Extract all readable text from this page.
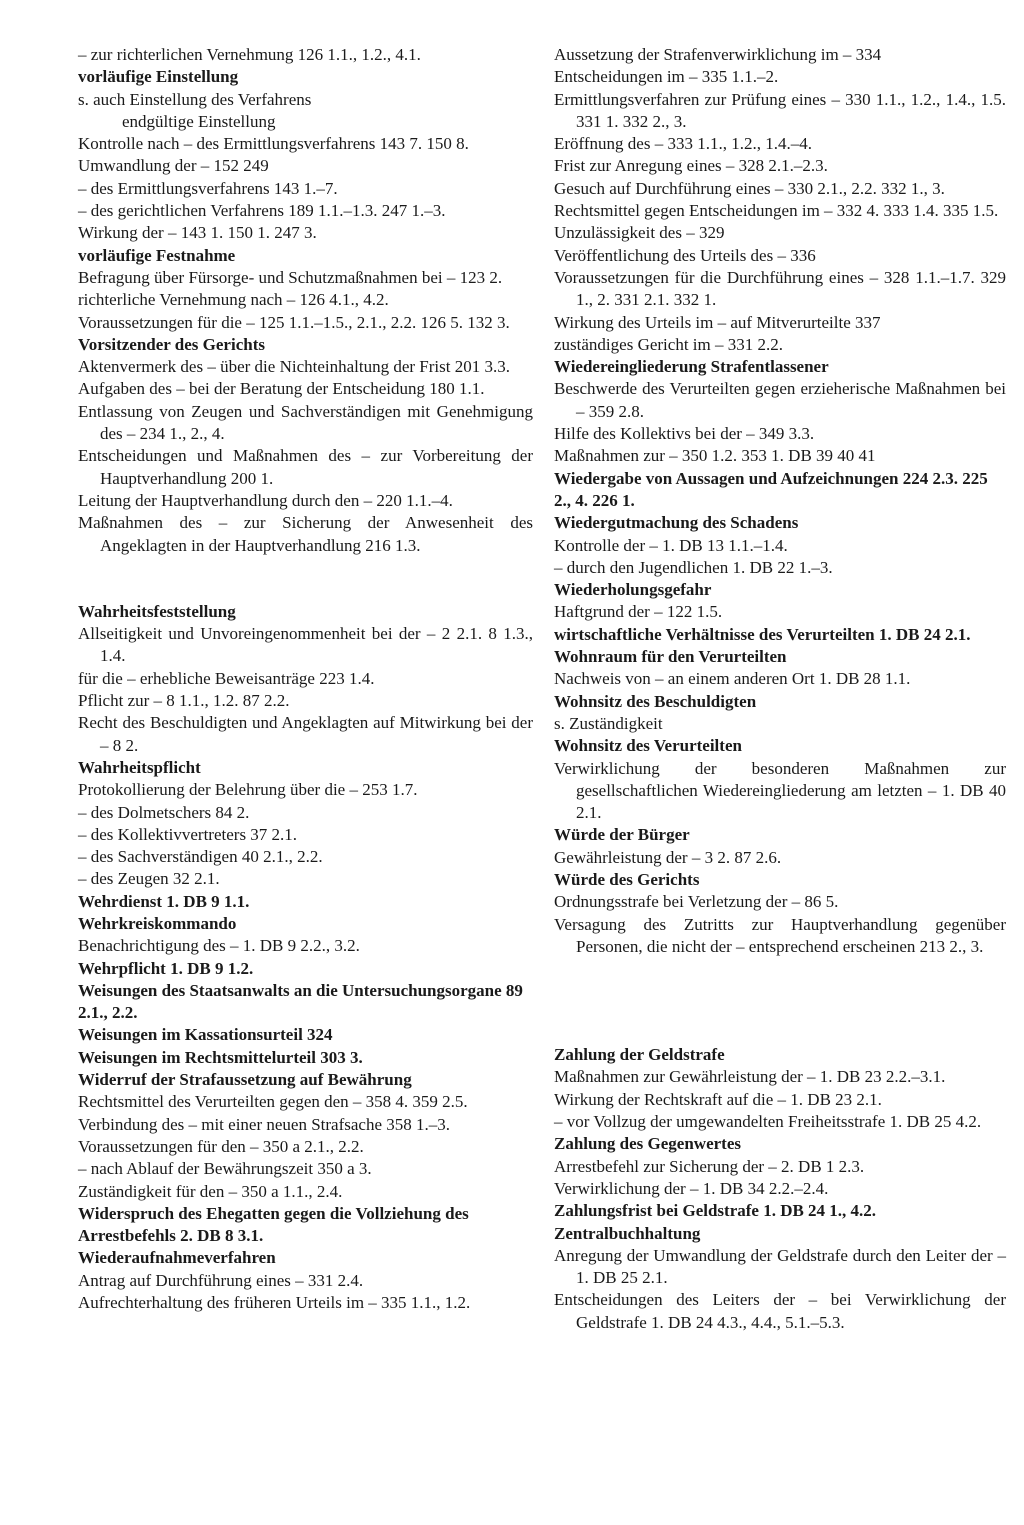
– zur richterlichen Vernehmung 126 1.1., 1.2., 4.1.
vorläufige Einstellung
s. auch Einstellung des Verfahrens
endgültige Einstellung
Kontrolle nach – des Ermittlungsverfahrens 143 7. 150 8.
Umwandlung der – 152 249
– des Ermittlungsverfahrens 143 1.–7.
– des gerichtlichen Verfahrens 189 1.1.–1.3. 247 1.–3.
Wirkung der – 143 1. 150 1. 247 3.
vorläufige Festnahme
Befragung über Fürsorge- und Schutzmaßnahmen bei – 123 2.
richterliche Vernehmung nach – 126 4.1., 4.2.
Voraussetzungen für die – 125 1.1.–1.5., 2.1., 2.2. 126 5. 132 3.
Vorsitzender des Gerichts
Aktenvermerk des – über die Nichteinhaltung der Frist 201 3.3.
Aufgaben des – bei der Beratung der Entscheidung 180 1.1.
Entlassung von Zeugen und Sachverständigen mit Genehmigung des – 234 1., 2., 4.
Entscheidungen und Maßnahmen des – zur Vorbereitung der Hauptverhandlung 200 1.
Leitung der Hauptverhandlung durch den – 220 1.1.–4.
Maßnahmen des – zur Sicherung der Anwesenheit des Angeklagten in der Hauptverhandlung 216 1.3.
Wahrheitsfeststellung
Allseitigkeit und Unvoreingenommenheit bei der – 2 2.1. 8 1.3., 1.4.
für die – erhebliche Beweisanträge 223 1.4.
Pflicht zur – 8 1.1., 1.2. 87 2.2.
Recht des Beschuldigten und Angeklagten auf Mitwirkung bei der – 8 2.
Wahrheitspflicht
Protokollierung der Belehrung über die – 253 1.7.
– des Dolmetschers 84 2.
– des Kollektivvertreters 37 2.1.
– des Sachverständigen 40 2.1., 2.2.
– des Zeugen 32 2.1.
Wehrdienst 1. DB 9 1.1.
Wehrkreiskommando
Benachrichtigung des – 1. DB 9 2.2., 3.2.
Wehrpflicht 1. DB 9 1.2.
Weisungen des Staatsanwalts an die Untersuchungsorgane 89 2.1., 2.2.
Weisungen im Kassationsurteil 324
Weisungen im Rechtsmittelurteil 303 3.
Widerruf der Strafaussetzung auf Bewährung
Rechtsmittel des Verurteilten gegen den – 358 4. 359 2.5.
Verbindung des – mit einer neuen Strafsache 358 1.–3.
Voraussetzungen für den – 350 a 2.1., 2.2.
– nach Ablauf der Bewährungszeit 350 a 3.
Zuständigkeit für den – 350 a 1.1., 2.4.
Widerspruch des Ehegatten gegen die Vollziehung des Arrestbefehls 2. DB 8 3.1.
Wiederaufnahmeverfahren
Antrag auf Durchführung eines – 331 2.4.
Aufrechterhaltung des früheren Urteils im – 335 1.1., 1.2.
Aussetzung der Strafenverwirklichung im – 334
Entscheidungen im – 335 1.1.–2.
Ermittlungsverfahren zur Prüfung eines – 330 1.1., 1.2., 1.4., 1.5. 331 1. 332 2., 3.
Eröffnung des – 333 1.1., 1.2., 1.4.–4.
Frist zur Anregung eines – 328 2.1.–2.3.
Gesuch auf Durchführung eines – 330 2.1., 2.2. 332 1., 3.
Rechtsmittel gegen Entscheidungen im – 332 4. 333 1.4. 335 1.5.
Unzulässigkeit des – 329
Veröffentlichung des Urteils des – 336
Voraussetzungen für die Durchführung eines – 328 1.1.–1.7. 329 1., 2. 331 2.1. 332 1.
Wirkung des Urteils im – auf Mitverurteilte 337
zuständiges Gericht im – 331 2.2.
Wiedereingliederung Strafentlassener
Beschwerde des Verurteilten gegen erzieherische Maßnahmen bei – 359 2.8.
Hilfe des Kollektivs bei der – 349 3.3.
Maßnahmen zur – 350 1.2. 353 1. DB 39 40 41
Wiedergabe von Aussagen und Aufzeichnungen 224 2.3. 225 2., 4. 226 1.
Wiedergutmachung des Schadens
Kontrolle der – 1. DB 13 1.1.–1.4.
– durch den Jugendlichen 1. DB 22 1.–3.
Wiederholungsgefahr
Haftgrund der – 122 1.5.
wirtschaftliche Verhältnisse des Verurteilten 1. DB 24 2.1.
Wohnraum für den Verurteilten
Nachweis von – an einem anderen Ort 1. DB 28 1.1.
Wohnsitz des Beschuldigten
s. Zuständigkeit
Wohnsitz des Verurteilten
Verwirklichung der besonderen Maßnahmen zur gesellschaftlichen Wiedereingliederung am letzten – 1. DB 40 2.1.
Würde der Bürger
Gewährleistung der – 3 2. 87 2.6.
Würde des Gerichts
Ordnungsstrafe bei Verletzung der – 86 5.
Versagung des Zutritts zur Hauptverhandlung gegenüber Personen, die nicht der – entsprechend erscheinen 213 2., 3.
Zahlung der Geldstrafe
Maßnahmen zur Gewährleistung der – 1. DB 23 2.2.–3.1.
Wirkung der Rechtskraft auf die – 1. DB 23 2.1.
– vor Vollzug der umgewandelten Freiheitsstrafe 1. DB 25 4.2.
Zahlung des Gegenwertes
Arrestbefehl zur Sicherung der – 2. DB 1 2.3.
Verwirklichung der – 1. DB 34 2.2.–2.4.
Zahlungsfrist bei Geldstrafe 1. DB 24 1., 4.2.
Zentralbuchhaltung
Anregung der Umwandlung der Geldstrafe durch den Leiter der – 1. DB 25 2.1.
Entscheidungen des Leiters der – bei Verwirklichung der Geldstrafe 1. DB 24 4.3., 4.4., 5.1.–5.3.
